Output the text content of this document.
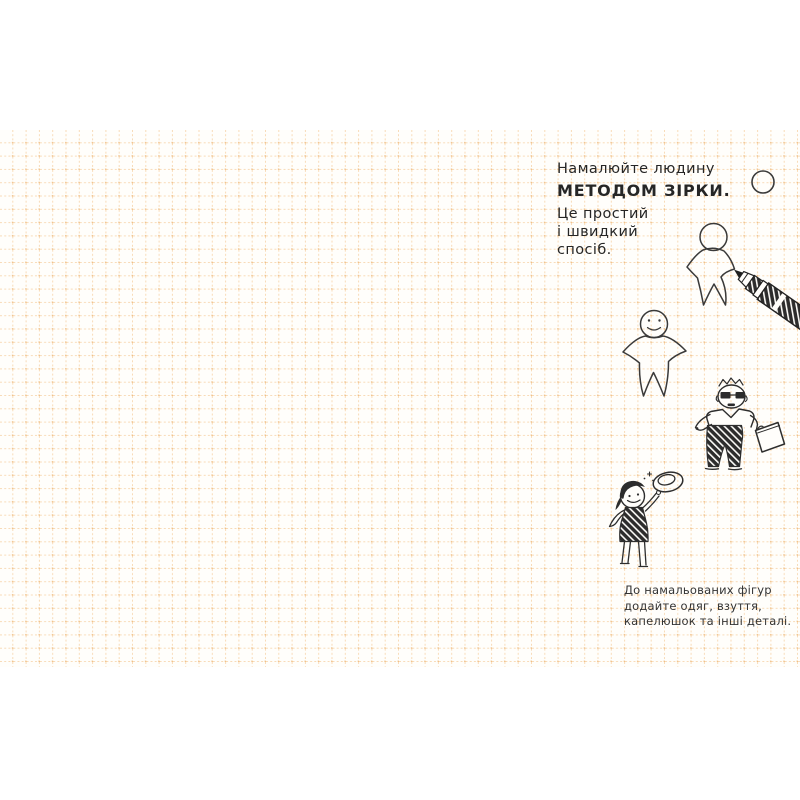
Намалюйте людину
МЕТОДОМ ЗІРКИ.
Це простий
і швидкий
спосіб.
До намальованих фігур
додайте одяг, взуття,
капелюшок та інші деталі.
